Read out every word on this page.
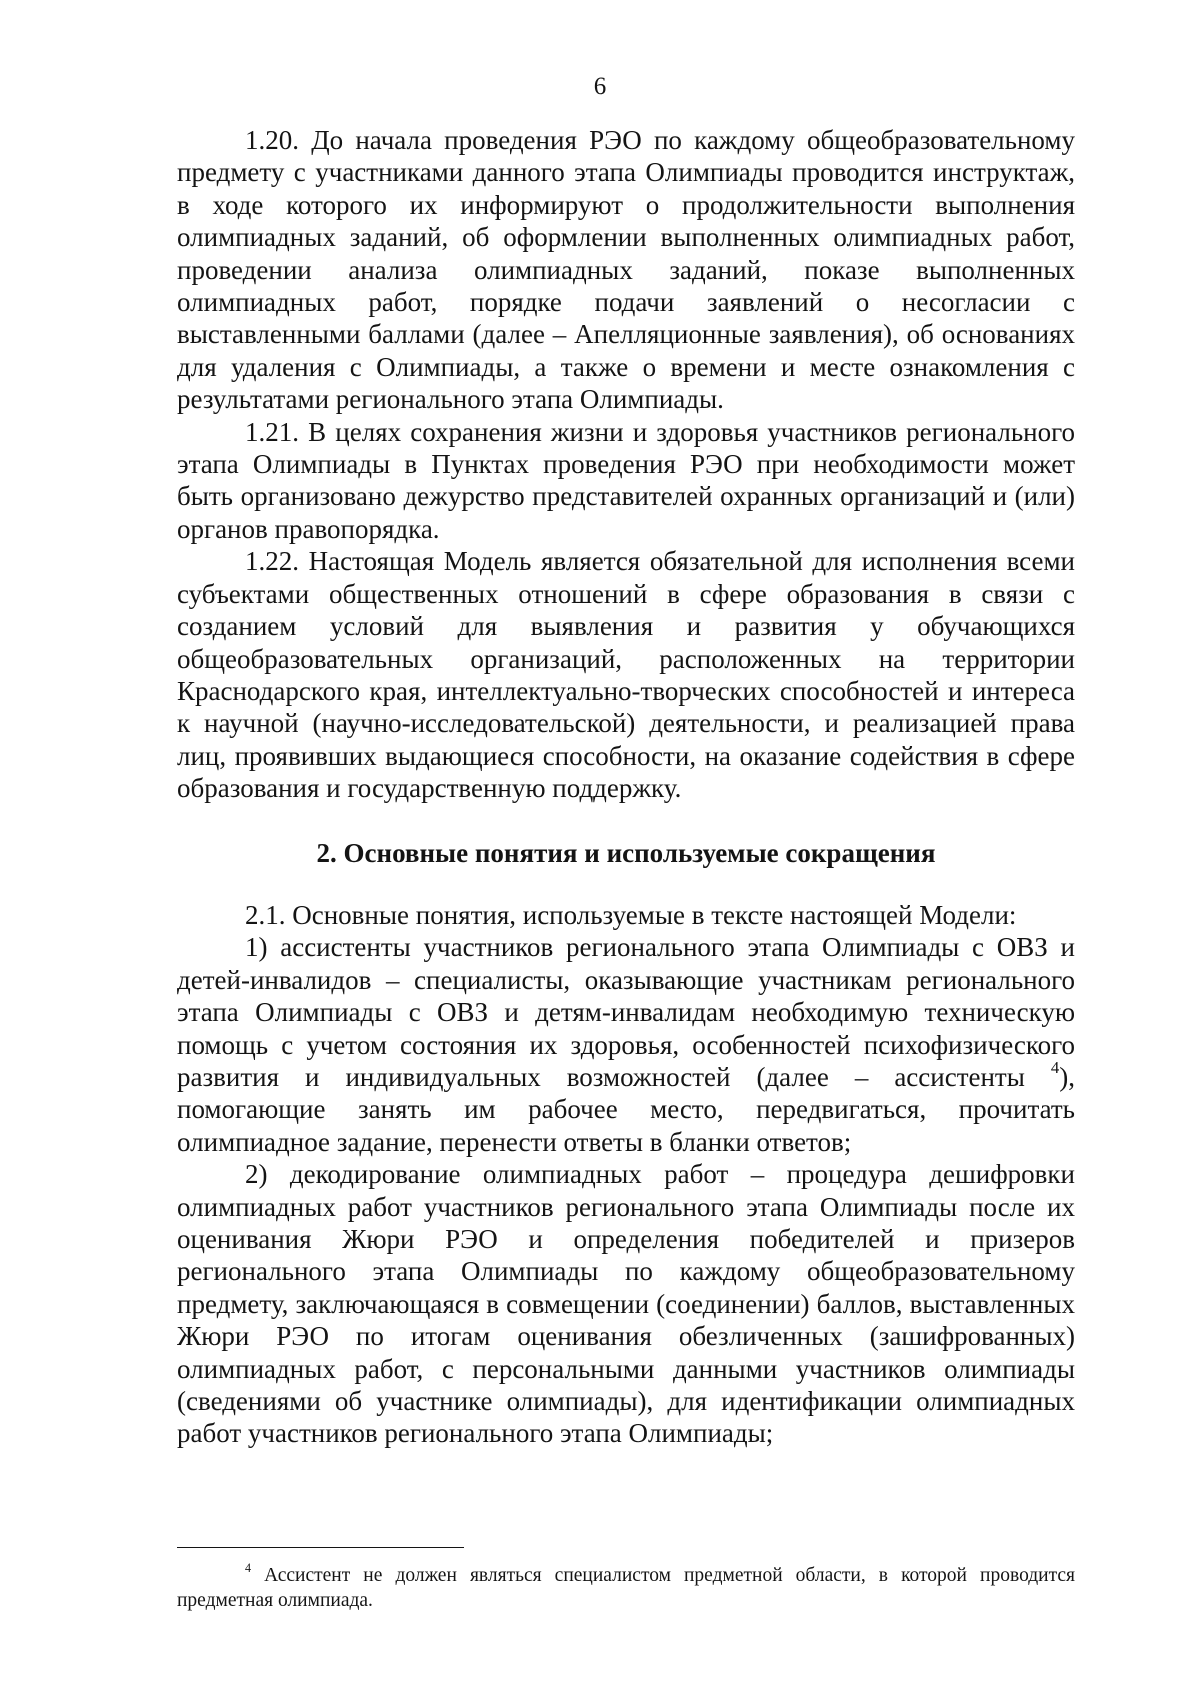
6

1.20. До начала проведения РЭО по каждому общеобразовательному предмету с участниками данного этапа Олимпиады проводится инструктаж, в ходе которого их информируют о продолжительности выполнения олимпиадных заданий, об оформлении выполненных олимпиадных работ, проведении анализа олимпиадных заданий, показе выполненных олимпиадных работ, порядке подачи заявлений о несогласии с выставленными баллами (далее – Апелляционные заявления), об основаниях для удаления с Олимпиады, а также о времени и месте ознакомления с результатами регионального этапа Олимпиады.

1.21. В целях сохранения жизни и здоровья участников регионального этапа Олимпиады в Пунктах проведения РЭО при необходимости может быть организовано дежурство представителей охранных организаций и (или) органов правопорядка.

1.22. Настоящая Модель является обязательной для исполнения всеми субъектами общественных отношений в сфере образования в связи с созданием условий для выявления и развития у обучающихся общеобразовательных организаций, расположенных на территории Краснодарского края, интеллектуально-творческих способностей и интереса к научной (научно-исследовательской) деятельности, и реализацией права лиц, проявивших выдающиеся способности, на оказание содействия в сфере образования и государственную поддержку.

2. Основные понятия и используемые сокращения

2.1. Основные понятия, используемые в тексте настоящей Модели:

1) ассистенты участников регионального этапа Олимпиады с ОВЗ и детей-инвалидов – специалисты, оказывающие участникам регионального этапа Олимпиады с ОВЗ и детям-инвалидам необходимую техническую помощь с учетом состояния их здоровья, особенностей психофизического развития и индивидуальных возможностей (далее – ассистенты $^4$), помогающие занять им рабочее место, передвигаться, прочитать олимпиадное задание, перенести ответы в бланки ответов;

2) декодирование олимпиадных работ – процедура дешифровки олимпиадных работ участников регионального этапа Олимпиады после их оценивания Жюри РЭО и определения победителей и призеров регионального этапа Олимпиады по каждому общеобразовательному предмету, заключающаяся в совмещении (соединении) баллов, выставленных Жюри РЭО по итогам оценивания обезличенных (зашифрованных) олимпиадных работ, с персональными данными участников олимпиады (сведениями об участнике олимпиады), для идентификации олимпиадных работ участников регионального этапа Олимпиады;

$^4$ Ассистент не должен являться специалистом предметной области, в которой проводится предметная олимпиада.
